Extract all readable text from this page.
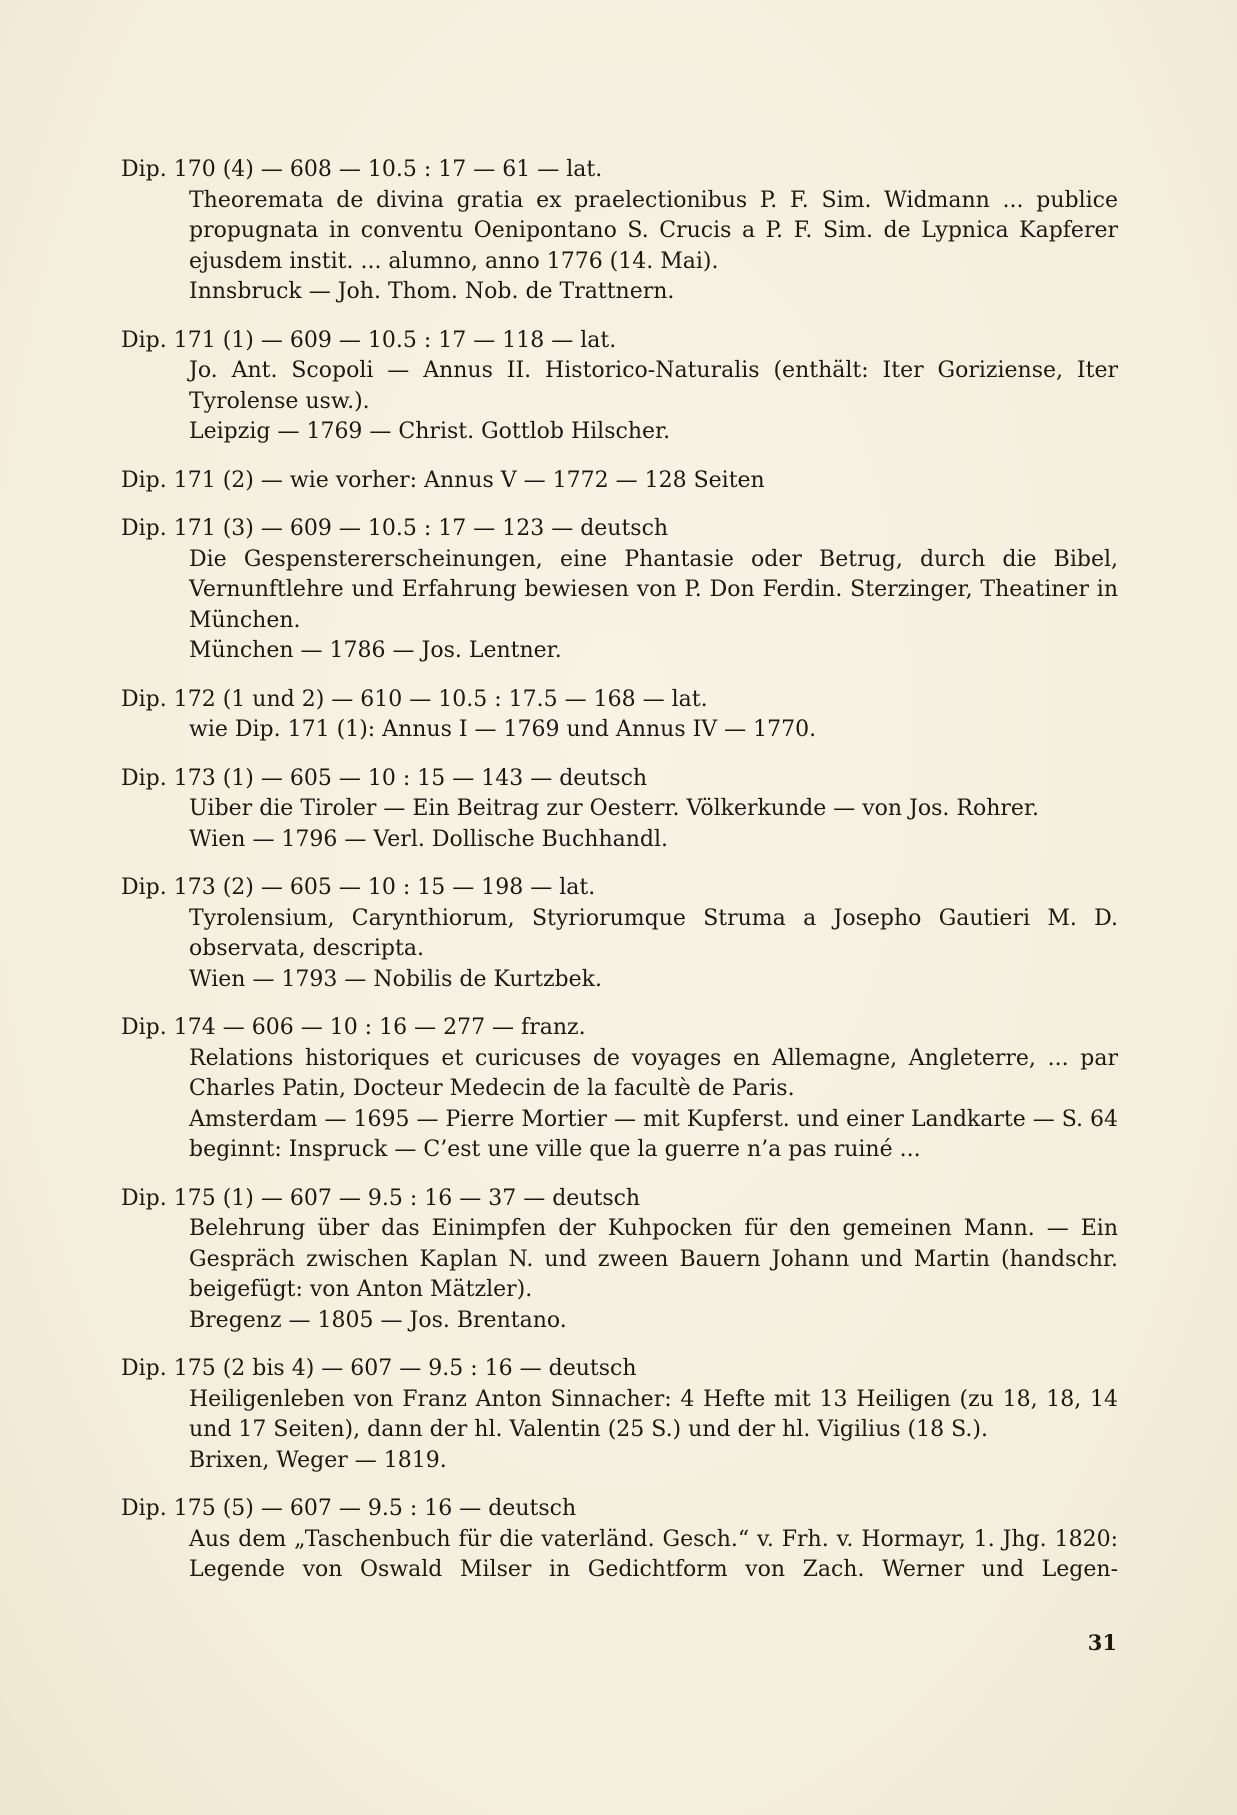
Dip. 170 (4) — 608 — 10.5 : 17 — 61 — lat.

Theoremata de divina gratia ex praelectionibus P. F. Sim. Widmann ... publice propugnata in conventu Oenipontano S. Crucis a P. F. Sim. de Lypnica Kapferer ejusdem instit. ... alumno, anno 1776 (14. Mai).

Innsbruck — Joh. Thom. Nob. de Trattnern.

Dip. 171 (1) — 609 — 10.5 : 17 — 118 — lat.

Jo. Ant. Scopoli — Annus II. Historico-Naturalis (enthält: Iter Goriziense, Iter Tyrolense usw.).

Leipzig — 1769 — Christ. Gottlob Hilscher.

Dip. 171 (2) — wie vorher: Annus V — 1772 — 128 Seiten
Dip. 171 (3) — 609 — 10.5 : 17 — 123 — deutsch

Die Gespenstererscheinungen, eine Phantasie oder Betrug, durch die Bibel, Vernunftlehre und Erfahrung bewiesen von P. Don Ferdin. Sterzinger, Theatiner in München.

München — 1786 — Jos. Lentner.

Dip. 172 (1 und 2) — 610 — 10.5 : 17.5 — 168 — lat.

wie Dip. 171 (1): Annus I — 1769 und Annus IV — 1770.

Dip. 173 (1) — 605 — 10 : 15 — 143 — deutsch

Uiber die Tiroler — Ein Beitrag zur Oesterr. Völkerkunde — von Jos. Rohrer.

Wien — 1796 — Verl. Dollische Buchhandl.

Dip. 173 (2) — 605 — 10 : 15 — 198 — lat.

Tyrolensium, Carynthiorum, Styriorumque Struma a Josepho Gautieri M. D. observata, descripta.

Wien — 1793 — Nobilis de Kurtzbek.

Dip. 174 — 606 — 10 : 16 — 277 — franz.

Relations historiques et curicuses de voyages en Allemagne, Angleterre, ... par Charles Patin, Docteur Medecin de la facultè de Paris.

Amsterdam — 1695 — Pierre Mortier — mit Kupferst. und einer Landkarte — S. 64 beginnt: Inspruck — C’est une ville que la guerre n’a pas ruiné ...

Dip. 175 (1) — 607 — 9.5 : 16 — 37 — deutsch

Belehrung über das Einimpfen der Kuhpocken für den gemeinen Mann. — Ein Gespräch zwischen Kaplan N. und zween Bauern Johann und Martin (handschr. beigefügt: von Anton Mätzler).

Bregenz — 1805 — Jos. Brentano.

Dip. 175 (2 bis 4) — 607 — 9.5 : 16 — deutsch

Heiligenleben von Franz Anton Sinnacher: 4 Hefte mit 13 Heiligen (zu 18, 18, 14 und 17 Seiten), dann der hl. Valentin (25 S.) und der hl. Vigilius (18 S.).

Brixen, Weger — 1819.

Dip. 175 (5) — 607 — 9.5 : 16 — deutsch

Aus dem „Taschenbuch für die vaterländ. Gesch.“ v. Frh. v. Hormayr, 1. Jhg. 1820: Legende von Oswald Milser in Gedichtform von Zach. Werner und Legen-

31
